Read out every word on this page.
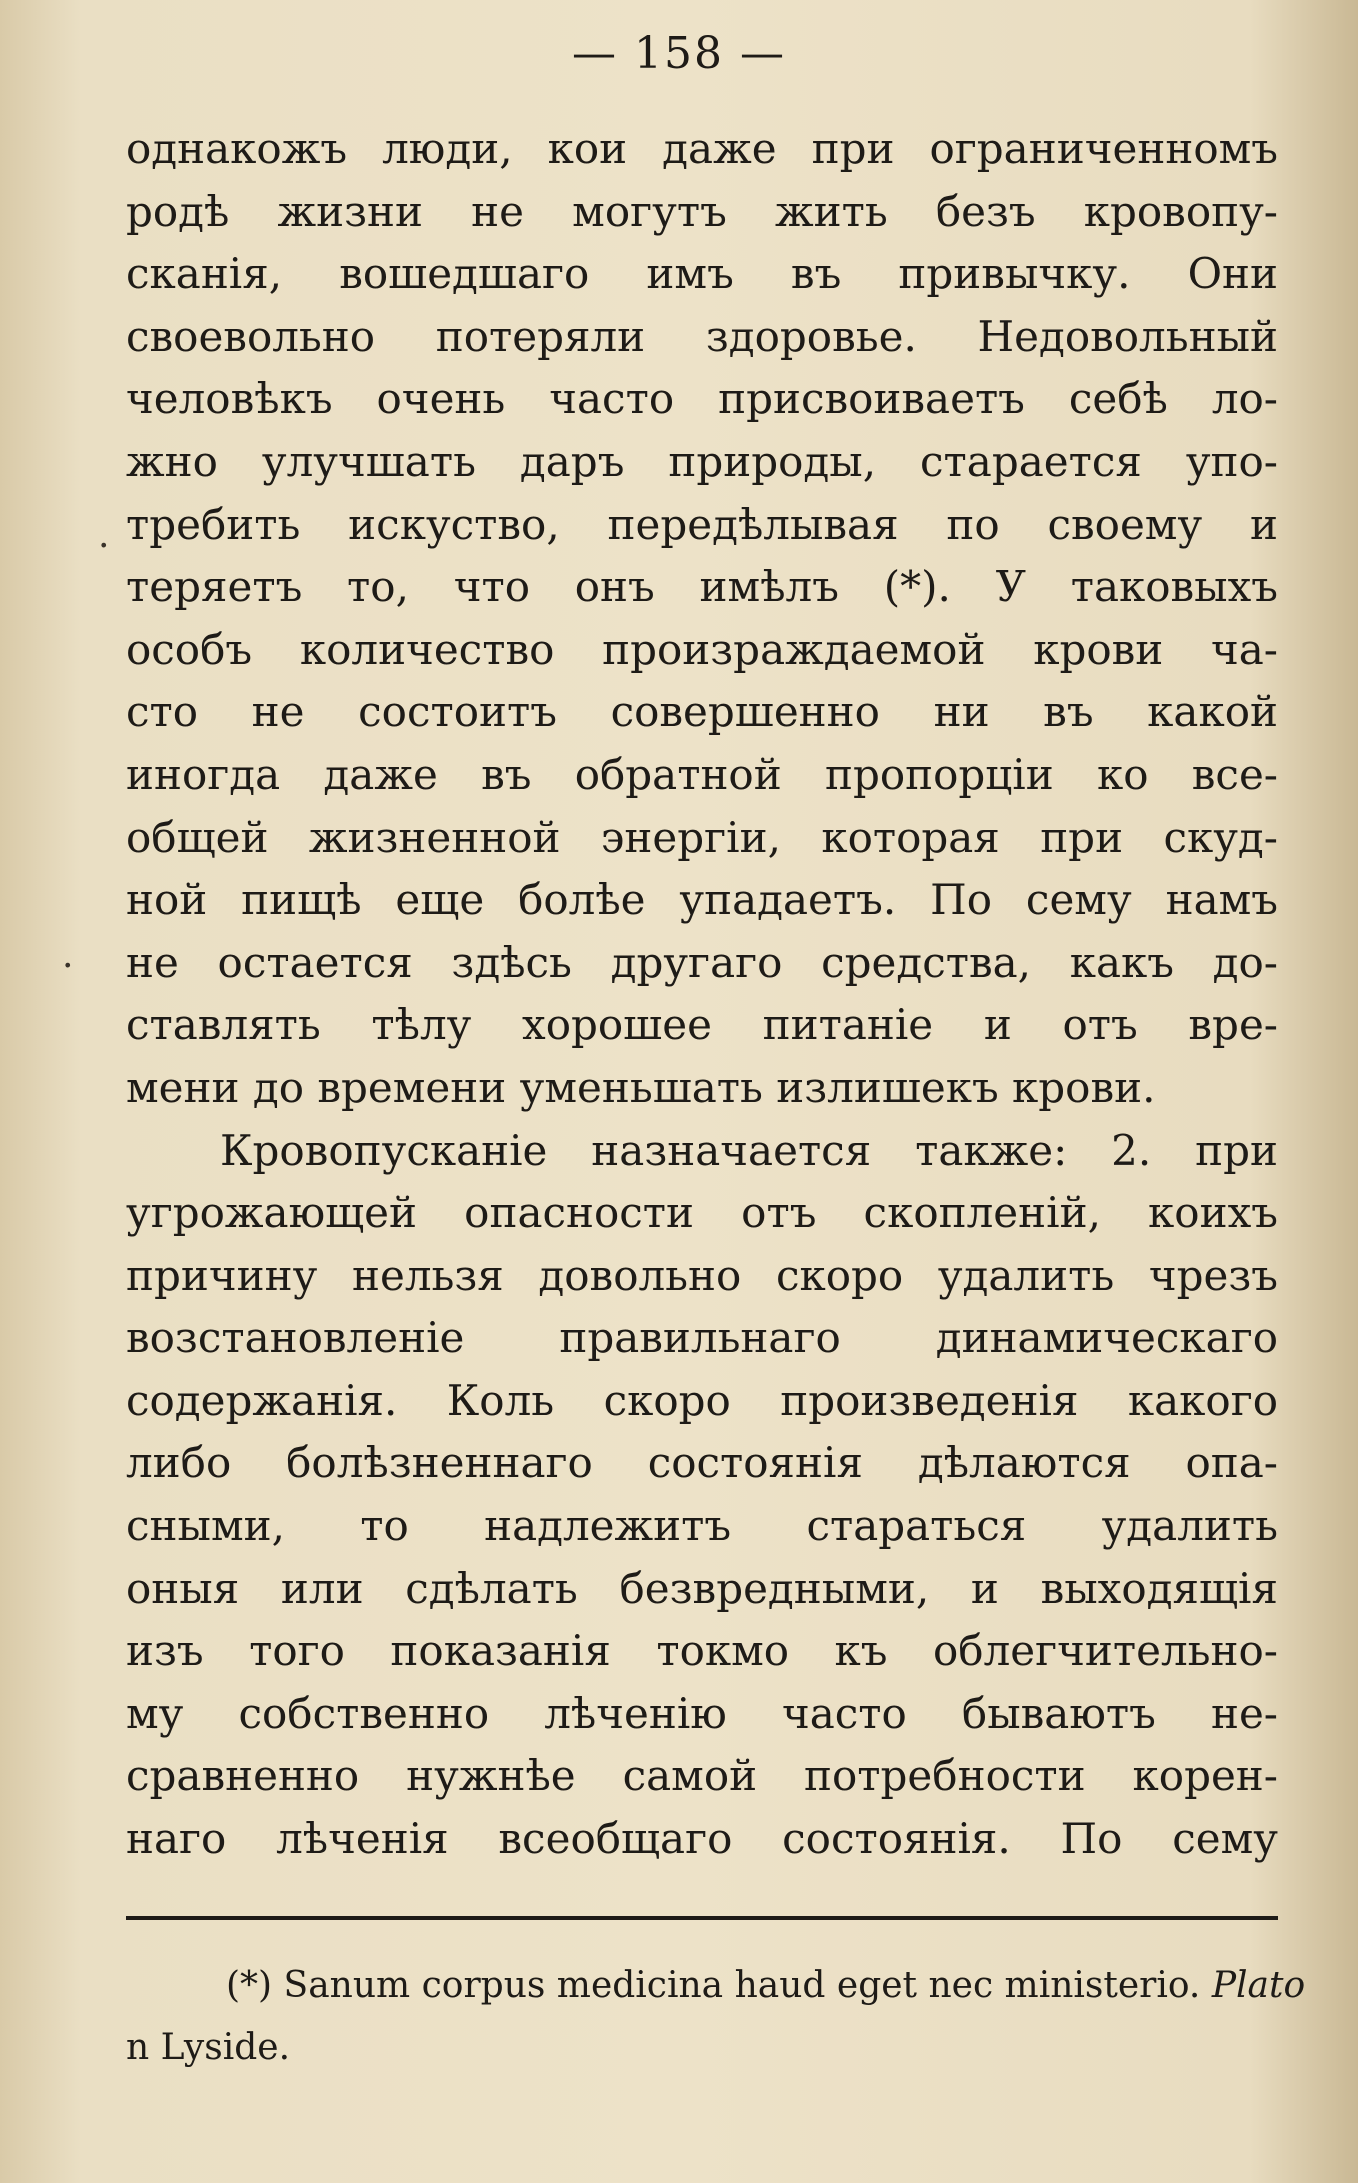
— 158 —
.
.
однакожъ люди, кои даже при ограниченномъ
родѣ жизни не могутъ жить безъ кровопу-
сканія, вошедшаго имъ въ привычку. Они
своевольно потеряли здоровье. Недовольный
человѣкъ очень часто присвоиваетъ себѣ ло-
жно улучшать даръ природы, старается упо-
требить искуство, передѣлывая по своему и
теряетъ то, что онъ имѣлъ (*). У таковыхъ
особъ количество произраждаемой крови ча-
сто не состоитъ совершенно ни въ какой
иногда даже въ обратной пропорціи ко все-
общей жизненной энергіи, которая при скуд-
ной пищѣ еще болѣе упадаетъ. По сему намъ
не остается здѣсь другаго средства, какъ до-
ставлять тѣлу хорошее питаніе и отъ вре-
мени до времени уменьшать излишекъ крови.
Кровопусканіе назначается также: 2. при
угрожающей опасности отъ скопленій, коихъ
причину нельзя довольно скоро удалить чрезъ
возстановленіе правильнаго динамическаго
содержанія. Коль скоро произведенія какого
либо болѣзненнаго состоянія дѣлаются опа-
сными, то надлежитъ стараться удалить
оныя или сдѣлать безвредными, и выходящія
изъ того показанія токмо къ облегчительно-
му собственно лѣченію часто бываютъ не-
сравненно нужнѣе самой потребности корен-
наго лѣченія всеобщаго состоянія. По сему
(*) Sanum corpus medicina haud eget nec ministerio. Plato
n Lyside.
